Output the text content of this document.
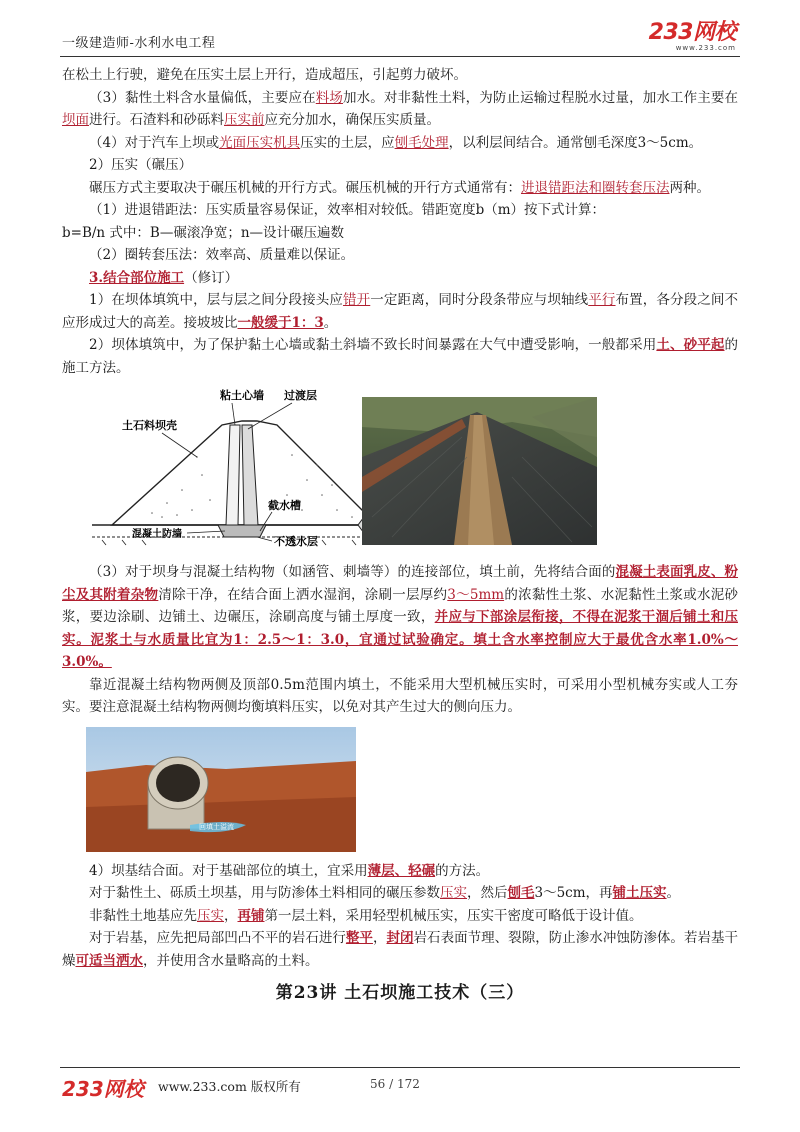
一级建造师-水利水电工程	233网校
www.233.com

在松土上行驶，避免在压实土层上开行，造成超压，引起剪力破坏。

（3）黏性土料含水量偏低，主要应在料场加水。对非黏性土料，为防止运输过程脱水过量，加水工作主要在坝面进行。石渣料和砂砾料压实前应充分加水，确保压实质量。

（4）对于汽车上坝或光面压实机具压实的土层，应刨毛处理，以利层间结合。通常刨毛深度3～5cm。

2）压实（碾压）

碾压方式主要取决于碾压机械的开行方式。碾压机械的开行方式通常有：进退错距法和圈转套压法两种。

（1）进退错距法：压实质量容易保证，效率相对较低。错距宽度b（m）按下式计算：

b=B/n 式中：B—碾滚净宽；n—设计碾压遍数

（2）圈转套压法：效率高、质量难以保证。

3.结合部位施工（修订）

1）在坝体填筑中，层与层之间分段接头应错开一定距离，同时分段条带应与坝轴线平行布置，各分段之间不应形成过大的高差。接坡坡比一般缓于1：3。

2）坝体填筑中，为了保护黏土心墙或黏土斜墙不致长时间暴露在大气中遭受影响，一般都采用土、砂平起的施工方法。

粘土心墙 过渡层
土石料坝壳
混凝土防墙
截水槽
不透水层

（3）对于坝身与混凝土结构物（如涵管、刺墙等）的连接部位，填土前，先将结合面的混凝土表面乳皮、粉尘及其附着杂物清除干净，在结合面上洒水湿润，涂刷一层厚约3～5mm的浓黏性土浆、水泥黏性土浆或水泥砂浆，要边涂刷、边铺土、边碾压，涂刷高度与铺土厚度一致，并应与下部涂层衔接，不得在泥浆干涸后铺土和压实。泥浆土与水质量比宜为1：2.5～1：3.0，宜通过试验确定。填土含水率控制应大于最优含水率1.0%～3.0%。

靠近混凝土结构物两侧及顶部0.5m范围内填土，不能采用大型机械压实时，可采用小型机械夯实或人工夯实。要注意混凝土结构物两侧均衡填料压实，以免对其产生过大的侧向压力。

回填土溢流

4）坝基结合面。对于基础部位的填土，宜采用薄层、轻碾的方法。

对于黏性土、砾质土坝基，用与防渗体土料相同的碾压参数压实，然后刨毛3～5cm，再铺土压实。

非黏性土地基应先压实，再铺第一层土料，采用轻型机械压实，压实干密度可略低于设计值。

对于岩基，应先把局部凹凸不平的岩石进行整平，封闭岩石表面节理、裂隙，防止渗水冲蚀防渗体。若岩基干燥可适当洒水，并使用含水量略高的土料。

第23讲 土石坝施工技术（三）
233网校 www.233.com 版权所有	56 / 172
